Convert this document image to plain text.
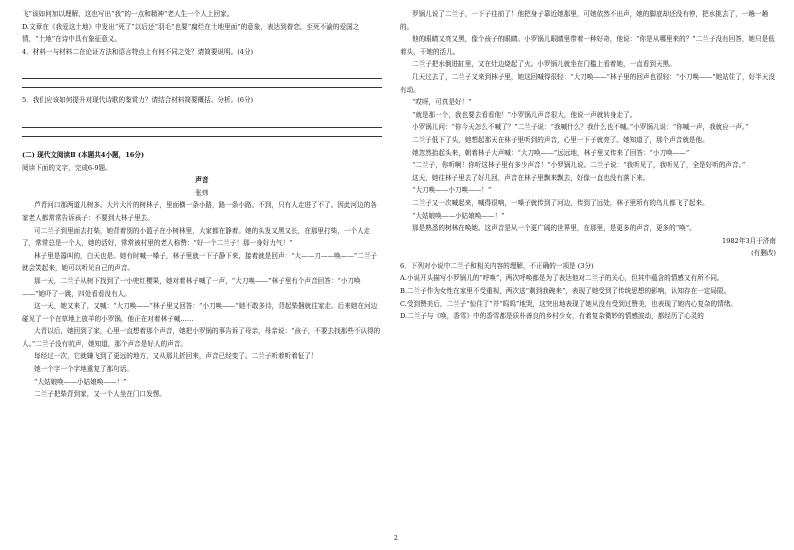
飞”该如何加以理解，这也写出“我”的一点和精神“老人生一个人上回家。

D.文章在《我爱这土地》中发出“死了”以后还“羽毛”也要“腐烂在土地里面”的意象，表达到眷恋，至死不渝的爱国之情，“土地”在诗中具有象征意义。

4．材料一与材料二在论证方法和语言特点上有何不同之处？请简要说明。(4分)

5．我们应该如何提升对现代诗歌的鉴赏力？请结合材料简要概括、分析。(6分)

(二) 现代文阅读Ⅱ (本题共4小题，16分)

阅读下面的文字，完成6-9题。

声音

张炜

芦青河口那两道儿树多。大片大片的树林子，里面横一条小路，路一条小路。不到，只有人走进了不了。因此河边的各家老人都常常告诉孩子：不要到大林子里去。

可二兰子到里面去打柴，她背着别的小篮子在小树林里，大家都在静着。她的头发又黑又长，在那里打柴，一个人走了，常常总是一个人，她的活好，常常被村里的老人称赞：“好一个二兰子！那一身好力气！”

林子里是嚣叫的，白天也是。她有时喊一嗓子，林子里就一下子静下来，接着就是回声：“大——刀——唤——”二兰子就会笑起来，她可以听见自己的声音。

那一天，二兰子从树下找到了一小兜红樱果，她对着林子喊了一声，“大刀唤——”林子里有个声音回答：“小刀唤——”她吓了一跳，四处看看没有人。

这一天，她又来了，又喊：“大刀唤——”林子里又回答：“小刀唤——”她不敢多待，背起柴捆就往家走。后来她在河边碰见了一个在草地上放羊的小罗锅，他正在对着林子喊……

大青以后，她回到了家，心里一直想着那个声音，她把小罗锅的事告诉了母亲，母亲说：“孩子，不要去找那些不认得的人。”二兰子没有吭声，她知道，那个声音是好人的声音。

每经过一次，它就嫌飞到了更远的地方，又从那儿折回来，声音已经变了。二兰子听着听着怔了！

她一个字一个字地重复了那句话。

“大姑娘唤——小姑娘唤——！”

二兰子把柴背到家，又一个人坐在门口发愣。

罗锅儿说了二兰子，一下子往前了！他把身子靠近她那里，可她依然不出声，她的脚底却还没有停，把水挑去了，一趟一趟的。

他的眼睛又亮又黑，像个孩子的眼睛。小罗锅儿眼睛里带着一种好奇，他说：“你是从哪里来的？”二兰子没有回答，她只是低着头，干她的活儿。

二兰子把水倒进缸里，又在灶边烧起了火。小罗锅儿就坐在门槛上看着她，一直看到天黑。

几天过去了，二兰子又来到林子里，她这回喊得很轻：“大刀唤——”林子里的回声也很轻：“小刀唤——”她站住了，好半天没有动。

“哎呀，可真是好！”

“就是那一个，我也要去看看他！”小罗锅儿声音很大，他说一声就转身走了。

小罗锅儿问：“你今天怎么不喊了？”二兰子说：“我喊什么？我什么也不喊。”小罗锅儿说：“你喊一声，我就应一声。”

二兰子低下了头，她想起那天在林子里听到的声音，心里一下子就亮了。她知道了，那个声音就是他。

她忽然抬起头来，朝着林子大声喊：“大刀唤——”远远地，林子里又传来了回答：“小刀唤——”

“二兰子，你听啊！你听这林子里有多少声音！”小罗锅儿说。二兰子说：“我听见了，我听见了，全是好听的声音。”

这天，她往林子里去了好几回，声音在林子里飘来飘去，好像一直也没有落下来。

“大刀唤——小刀唤——！”

二兰子又一次喊起来，喊得很响，一嗓子就传到了河边，传到了远处，林子里所有的鸟儿都飞了起来。

“大姑娘唤——小姑娘唤——！”

那是熟悉的树林在唤她。这声音是从一个更广阔的世界里，在那里，是更多的声音，更多的“唤”。

1982年3月于济南

(有删改)

6．下列对小说中二兰子和相关内容的理解，不正确的一项是 (3分)

A.小说开头描写小罗锅儿的“呼唤”，两次呼唤都是为了表达他对二兰子的关心，但其中蕴含的情感又有所不同。

B.二兰子作为女性在家里不受重视，两次送“剩到我碗来”，表现了她受到了传统思想的影响，认知存在一定局限。

C.受到赞美后，二兰子“惊住了”并“呜呜”地哭，这突出地表现了她从没有受到过赞美，也表现了她内心复杂的情绪。

D.二兰子与《唤，香雪》中的香雪都是质朴善良的乡村少女，有着复杂微妙的情感波动，都经历了心灵的

2
